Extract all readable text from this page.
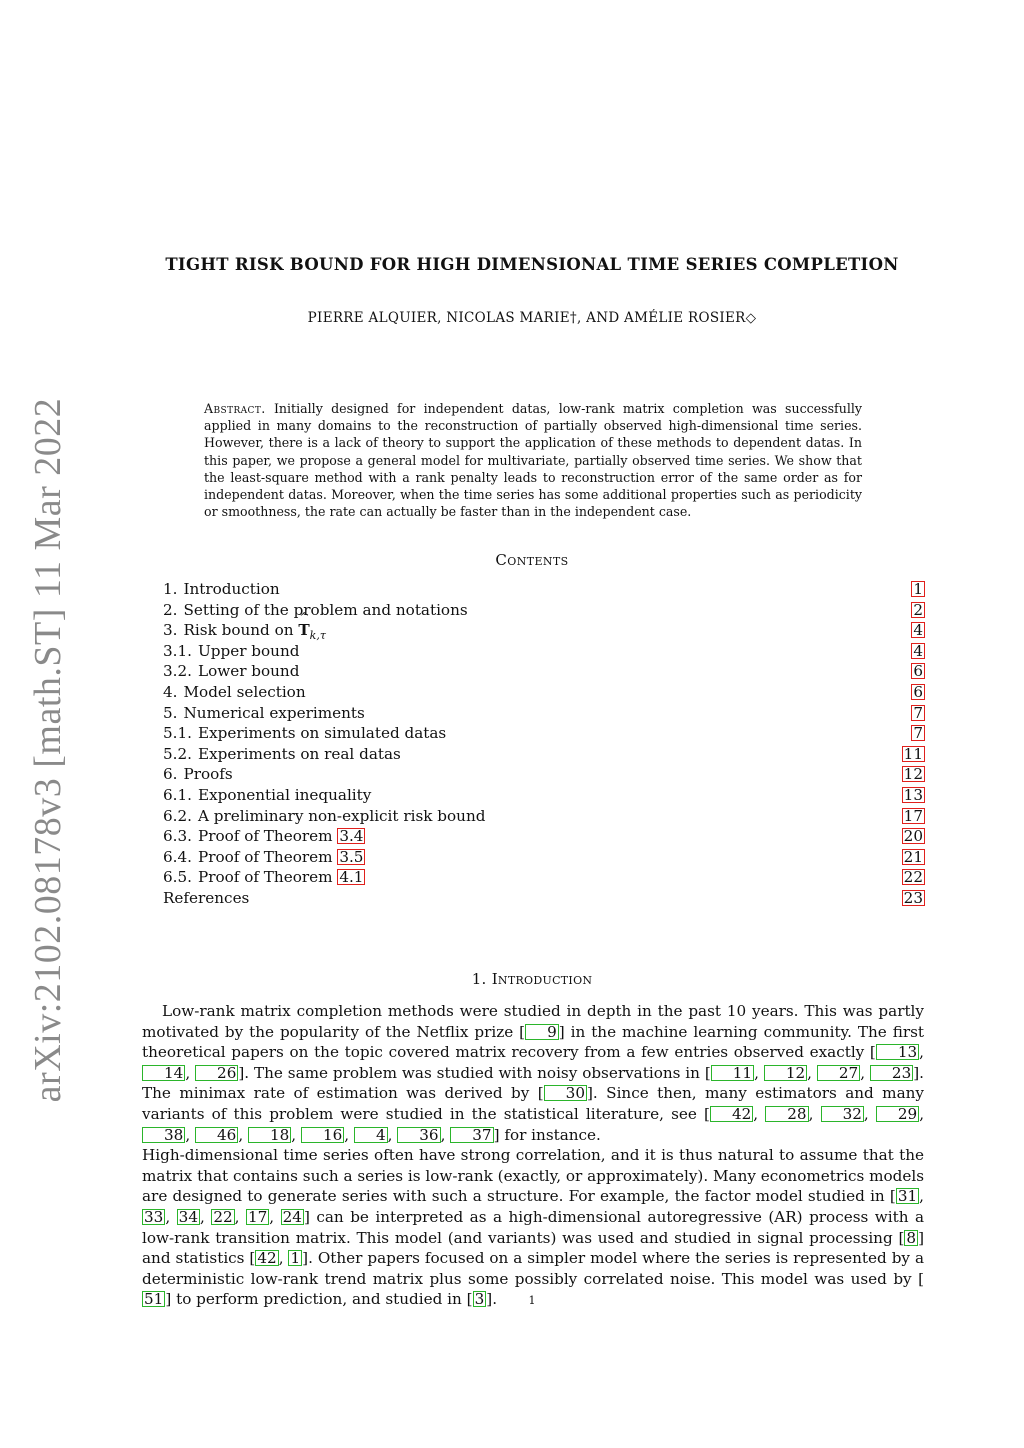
arXiv:2102.08178v3 [math.ST] 11 Mar 2022
TIGHT RISK BOUND FOR HIGH DIMENSIONAL TIME SERIES COMPLETION
PIERRE ALQUIER, NICOLAS MARIE†, AND AMÉLIE ROSIER◇
Abstract. Initially designed for independent datas, low-rank matrix completion was successfully applied in many domains to the reconstruction of partially observed high-dimensional time series. However, there is a lack of theory to support the application of these methods to dependent datas. In this paper, we propose a general model for multivariate, partially observed time series. We show that the least-square method with a rank penalty leads to reconstruction error of the same order as for independent datas. Moreover, when the time series has some additional properties such as periodicity or smoothness, the rate can actually be faster than in the independent case.
Contents
1. Introduction	1
2. Setting of the problem and notations	2
3. Risk bound on ^ $T_{k,\tau}$	4
3.1. Upper bound	4
3.2. Lower bound	6
4. Model selection	6
5. Numerical experiments	7
5.1. Experiments on simulated datas	7
5.2. Experiments on real datas	11
6. Proofs	12
6.1. Exponential inequality	13
6.2. A preliminary non-explicit risk bound	17
6.3. Proof of Theorem 3.4	20
6.4. Proof of Theorem 3.5	21
6.5. Proof of Theorem 4.1	22
References	23
1. Introduction

Low-rank matrix completion methods were studied in depth in the past 10 years. This was partly motivated by the popularity of the Netflix prize [ 9 ] in the machine learning community. The first theoretical papers on the topic covered matrix recovery from a few entries observed exactly [ 13 , 14 , 26 ]. The same problem was studied with noisy observations in [ 11 , 12 , 27 , 23 ]. The minimax rate of estimation was derived by [ 30 ]. Since then, many estimators and many variants of this problem were studied in the statistical literature, see [ 42 , 28 , 32 , 29 , 38 , 46 , 18 , 16 , 4 , 36 , 37 ] for instance.

High-dimensional time series often have strong correlation, and it is thus natural to assume that the matrix that contains such a series is low-rank (exactly, or approximately). Many econometrics models are designed to generate series with such a structure. For example, the factor model studied in [ 31 , 33 , 34 , 22 , 17 , 24 ] can be interpreted as a high-dimensional autoregressive (AR) process with a low-rank transition matrix. This model (and variants) was used and studied in signal processing [ 8 ] and statistics [ 42 , 1 ]. Other papers focused on a simpler model where the series is represented by a deterministic low-rank trend matrix plus some possibly correlated noise. This model was used by [51 ] to perform prediction, and studied in [ 3 ].	1
